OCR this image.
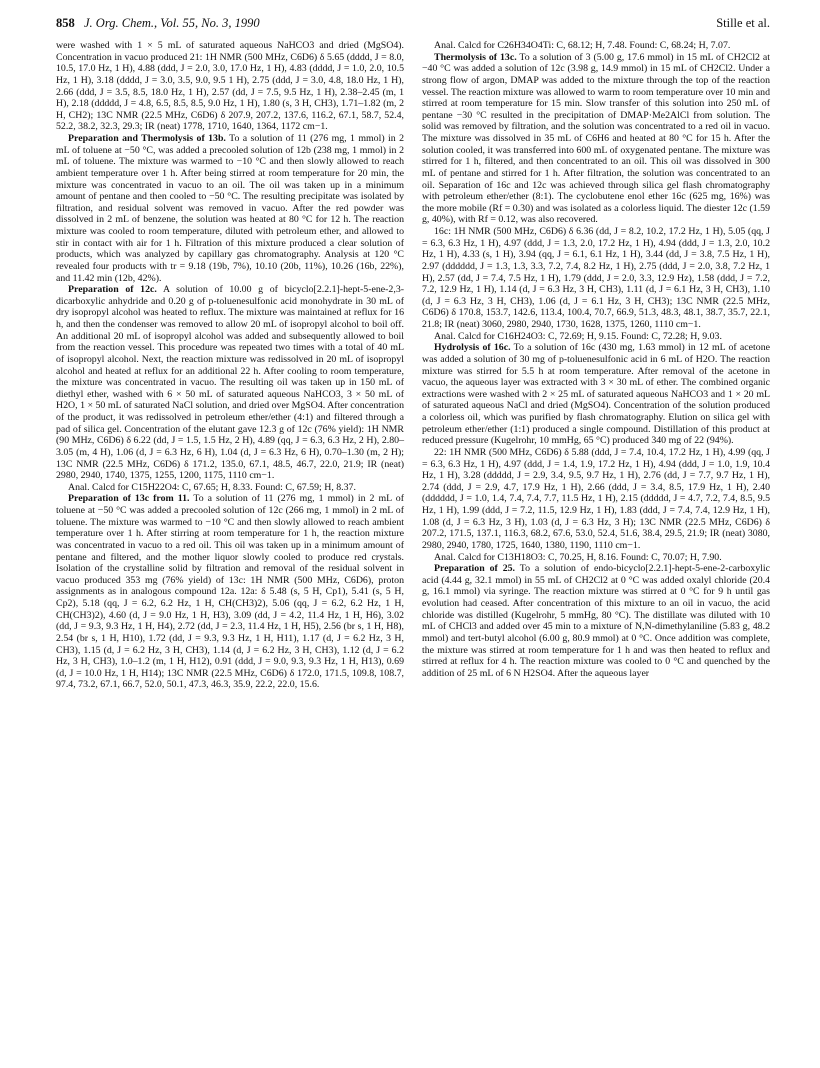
858 J. Org. Chem., Vol. 55, No. 3, 1990	Stille et al.

were washed with 1 × 5 mL of saturated aqueous NaHCO3 and dried (MgSO4). Concentration in vacuo produced 21: 1H NMR (500 MHz, C6D6) δ 5.65 (dddd, J = 8.0, 10.5, 17.0 Hz, 1 H), 4.88 (ddd, J = 2.0, 3.0, 17.0 Hz, 1 H), 4.83 (dddd, J = 1.0, 2.0, 10.5 Hz, 1 H), 3.18 (dddd, J = 3.0, 3.5, 9.0, 9.5 1 H), 2.75 (ddd, J = 3.0, 4.8, 18.0 Hz, 1 H), 2.66 (ddd, J = 3.5, 8.5, 18.0 Hz, 1 H), 2.57 (dd, J = 7.5, 9.5 Hz, 1 H), 2.38–2.45 (m, 1 H), 2.18 (ddddd, J = 4.8, 6.5, 8.5, 8.5, 9.0 Hz, 1 H), 1.80 (s, 3 H, CH3), 1.71–1.82 (m, 2 H, CH2); 13C NMR (22.5 MHz, C6D6) δ 207.9, 207.2, 137.6, 116.2, 67.1, 58.7, 52.4, 52.2, 38.2, 32.3, 29.3; IR (neat) 1778, 1710, 1640, 1364, 1172 cm−1.

Preparation and Thermolysis of 13b. To a solution of 11 (276 mg, 1 mmol) in 2 mL of toluene at −50 °C, was added a precooled solution of 12b (238 mg, 1 mmol) in 2 mL of toluene. The mixture was warmed to −10 °C and then slowly allowed to reach ambient temperature over 1 h. After being stirred at room temperature for 20 min, the mixture was concentrated in vacuo to an oil. The oil was taken up in a minimum amount of pentane and then cooled to −50 °C. The resulting precipitate was isolated by filtration, and residual solvent was removed in vacuo. After the red powder was dissolved in 2 mL of benzene, the solution was heated at 80 °C for 12 h. The reaction mixture was cooled to room temperature, diluted with petroleum ether, and allowed to stir in contact with air for 1 h. Filtration of this mixture produced a clear solution of products, which was analyzed by capillary gas chromatography. Analysis at 120 °C revealed four products with tr = 9.18 (19b, 7%), 10.10 (20b, 11%), 10.26 (16b, 22%), and 11.42 min (12b, 42%).

Preparation of 12c. A solution of 10.00 g of bicyclo[2.2.1]-hept-5-ene-2,3-dicarboxylic anhydride and 0.20 g of p-toluenesulfonic acid monohydrate in 30 mL of dry isopropyl alcohol was heated to reflux. The mixture was maintained at reflux for 16 h, and then the condenser was removed to allow 20 mL of isopropyl alcohol to boil off. An additional 20 mL of isopropyl alcohol was added and subsequently allowed to boil from the reaction vessel. This procedure was repeated two times with a total of 40 mL of isopropyl alcohol. Next, the reaction mixture was redissolved in 20 mL of isopropyl alcohol and heated at reflux for an additional 22 h. After cooling to room temperature, the mixture was concentrated in vacuo. The resulting oil was taken up in 150 mL of diethyl ether, washed with 6 × 50 mL of saturated aqueous NaHCO3, 3 × 50 mL of H2O, 1 × 50 mL of saturated NaCl solution, and dried over MgSO4. After concentration of the product, it was redissolved in petroleum ether/ether (4:1) and filtered through a pad of silica gel. Concentration of the elutant gave 12.3 g of 12c (76% yield): 1H NMR (90 MHz, C6D6) δ 6.22 (dd, J = 1.5, 1.5 Hz, 2 H), 4.89 (qq, J = 6.3, 6.3 Hz, 2 H), 2.80–3.05 (m, 4 H), 1.06 (d, J = 6.3 Hz, 6 H), 1.04 (d, J = 6.3 Hz, 6 H), 0.70–1.30 (m, 2 H); 13C NMR (22.5 MHz, C6D6) δ 171.2, 135.0, 67.1, 48.5, 46.7, 22.0, 21.9; IR (neat) 2980, 2940, 1740, 1375, 1255, 1200, 1175, 1110 cm−1.

Anal. Calcd for C15H22O4: C, 67.65; H, 8.33. Found: C, 67.59; H, 8.37.

Preparation of 13c from 11. To a solution of 11 (276 mg, 1 mmol) in 2 mL of toluene at −50 °C was added a precooled solution of 12c (266 mg, 1 mmol) in 2 mL of toluene. The mixture was warmed to −10 °C and then slowly allowed to reach ambient temperature over 1 h. After stirring at room temperature for 1 h, the reaction mixture was concentrated in vacuo to a red oil. This oil was taken up in a minimum amount of pentane and filtered, and the mother liquor slowly cooled to produce red crystals. Isolation of the crystalline solid by filtration and removal of the residual solvent in vacuo produced 353 mg (76% yield) of 13c: 1H NMR (500 MHz, C6D6), proton assignments as in analogous compound 12a. 12a: δ 5.48 (s, 5 H, Cp1), 5.41 (s, 5 H, Cp2), 5.18 (qq, J = 6.2, 6.2 Hz, 1 H, CH(CH3)2), 5.06 (qq, J = 6.2, 6.2 Hz, 1 H, CH(CH3)2), 4.60 (d, J = 9.0 Hz, 1 H, H3), 3.09 (dd, J = 4.2, 11.4 Hz, 1 H, H6), 3.02 (dd, J = 9.3, 9.3 Hz, 1 H, H4), 2.72 (dd, J = 2.3, 11.4 Hz, 1 H, H5), 2.56 (br s, 1 H, H8), 2.54 (br s, 1 H, H10), 1.72 (dd, J = 9.3, 9.3 Hz, 1 H, H11), 1.17 (d, J = 6.2 Hz, 3 H, CH3), 1.15 (d, J = 6.2 Hz, 3 H, CH3), 1.14 (d, J = 6.2 Hz, 3 H, CH3), 1.12 (d, J = 6.2 Hz, 3 H, CH3), 1.0–1.2 (m, 1 H, H12), 0.91 (ddd, J = 9.0, 9.3, 9.3 Hz, 1 H, H13), 0.69 (d, J = 10.0 Hz, 1 H, H14); 13C NMR (22.5 MHz, C6D6) δ 172.0, 171.5, 109.8, 108.7, 97.4, 73.2, 67.1, 66.7, 52.0, 50.1, 47.3, 46.3, 35.9, 22.2, 22.0, 15.6.

Anal. Calcd for C26H34O4Ti: C, 68.12; H, 7.48. Found: C, 68.24; H, 7.07.

Thermolysis of 13c. To a solution of 3 (5.00 g, 17.6 mmol) in 15 mL of CH2Cl2 at −40 °C was added a solution of 12c (3.98 g, 14.9 mmol) in 15 mL of CH2Cl2. Under a strong flow of argon, DMAP was added to the mixture through the top of the reaction vessel. The reaction mixture was allowed to warm to room temperature over 10 min and stirred at room temperature for 15 min. Slow transfer of this solution into 250 mL of pentane −30 °C resulted in the precipitation of DMAP·Me2AlCl from solution. The solid was removed by filtration, and the solution was concentrated to a red oil in vacuo. The mixture was dissolved in 35 mL of C6H6 and heated at 80 °C for 15 h. After the solution cooled, it was transferred into 600 mL of oxygenated pentane. The mixture was stirred for 1 h, filtered, and then concentrated to an oil. This oil was dissolved in 300 mL of pentane and stirred for 1 h. After filtration, the solution was concentrated to an oil. Separation of 16c and 12c was achieved through silica gel flash chromatography with petroleum ether/ether (8:1). The cyclobutene enol ether 16c (625 mg, 16%) was the more mobile (Rf = 0.30) and was isolated as a colorless liquid. The diester 12c (1.59 g, 40%), with Rf = 0.12, was also recovered.

16c: 1H NMR (500 MHz, C6D6) δ 6.36 (dd, J = 8.2, 10.2, 17.2 Hz, 1 H), 5.05 (qq, J = 6.3, 6.3 Hz, 1 H), 4.97 (ddd, J = 1.3, 2.0, 17.2 Hz, 1 H), 4.94 (ddd, J = 1.3, 2.0, 10.2 Hz, 1 H), 4.33 (s, 1 H), 3.94 (qq, J = 6.1, 6.1 Hz, 1 H), 3.44 (dd, J = 3.8, 7.5 Hz, 1 H), 2.97 (dddddd, J = 1.3, 1.3, 3.3, 7.2, 7.4, 8.2 Hz, 1 H), 2.75 (ddd, J = 2.0, 3.8, 7.2 Hz, 1 H), 2.57 (dd, J = 7.4, 7.5 Hz, 1 H), 1.79 (ddd, J = 2.0, 3.3, 12.9 Hz), 1.58 (ddd, J = 7.2, 7.2, 12.9 Hz, 1 H), 1.14 (d, J = 6.3 Hz, 3 H, CH3), 1.11 (d, J = 6.1 Hz, 3 H, CH3), 1.10 (d, J = 6.3 Hz, 3 H, CH3), 1.06 (d, J = 6.1 Hz, 3 H, CH3); 13C NMR (22.5 MHz, C6D6) δ 170.8, 153.7, 142.6, 113.4, 100.4, 70.7, 66.9, 51.3, 48.3, 48.1, 38.7, 35.7, 22.1, 21.8; IR (neat) 3060, 2980, 2940, 1730, 1628, 1375, 1260, 1110 cm−1.

Anal. Calcd for C16H24O3: C, 72.69; H, 9.15. Found: C, 72.28; H, 9.03.

Hydrolysis of 16c. To a solution of 16c (430 mg, 1.63 mmol) in 12 mL of acetone was added a solution of 30 mg of p-toluenesulfonic acid in 6 mL of H2O. The reaction mixture was stirred for 5.5 h at room temperature. After removal of the acetone in vacuo, the aqueous layer was extracted with 3 × 30 mL of ether. The combined organic extractions were washed with 2 × 25 mL of saturated aqueous NaHCO3 and 1 × 20 mL of saturated aqueous NaCl and dried (MgSO4). Concentration of the solution produced a colorless oil, which was purified by flash chromatography. Elution on silica gel with petroleum ether/ether (1:1) produced a single compound. Distillation of this product at reduced pressure (Kugelrohr, 10 mmHg, 65 °C) produced 340 mg of 22 (94%).

22: 1H NMR (500 MHz, C6D6) δ 5.88 (ddd, J = 7.4, 10.4, 17.2 Hz, 1 H), 4.99 (qq, J = 6.3, 6.3 Hz, 1 H), 4.97 (ddd, J = 1.4, 1.9, 17.2 Hz, 1 H), 4.94 (ddd, J = 1.0, 1.9, 10.4 Hz, 1 H), 3.28 (ddddd, J = 2.9, 3.4, 9.5, 9.7 Hz, 1 H), 2.76 (dd, J = 7.7, 9.7 Hz, 1 H), 2.74 (ddd, J = 2.9, 4.7, 17.9 Hz, 1 H), 2.66 (ddd, J = 3.4, 8.5, 17.9 Hz, 1 H), 2.40 (dddddd, J = 1.0, 1.4, 7.4, 7.4, 7.7, 11.5 Hz, 1 H), 2.15 (ddddd, J = 4.7, 7.2, 7.4, 8.5, 9.5 Hz, 1 H), 1.99 (ddd, J = 7.2, 11.5, 12.9 Hz, 1 H), 1.83 (ddd, J = 7.4, 7.4, 12.9 Hz, 1 H), 1.08 (d, J = 6.3 Hz, 3 H), 1.03 (d, J = 6.3 Hz, 3 H); 13C NMR (22.5 MHz, C6D6) δ 207.2, 171.5, 137.1, 116.3, 68.2, 67.6, 53.0, 52.4, 51.6, 38.4, 29.5, 21.9; IR (neat) 3080, 2980, 2940, 1780, 1725, 1640, 1380, 1190, 1110 cm−1.

Anal. Calcd for C13H18O3: C, 70.25, H, 8.16. Found: C, 70.07; H, 7.90.

Preparation of 25. To a solution of endo-bicyclo[2.2.1]-hept-5-ene-2-carboxylic acid (4.44 g, 32.1 mmol) in 55 mL of CH2Cl2 at 0 °C was added oxalyl chloride (20.4 g, 16.1 mmol) via syringe. The reaction mixture was stirred at 0 °C for 9 h until gas evolution had ceased. After concentration of this mixture to an oil in vacuo, the acid chloride was distilled (Kugelrohr, 5 mmHg, 80 °C). The distillate was diluted with 10 mL of CHCl3 and added over 45 min to a mixture of N,N-dimethylaniline (5.83 g, 48.2 mmol) and tert-butyl alcohol (6.00 g, 80.9 mmol) at 0 °C. Once addition was complete, the mixture was stirred at room temperature for 1 h and was then heated to reflux and stirred at reflux for 4 h. The reaction mixture was cooled to 0 °C and quenched by the addition of 25 mL of 6 N H2SO4. After the aqueous layer
